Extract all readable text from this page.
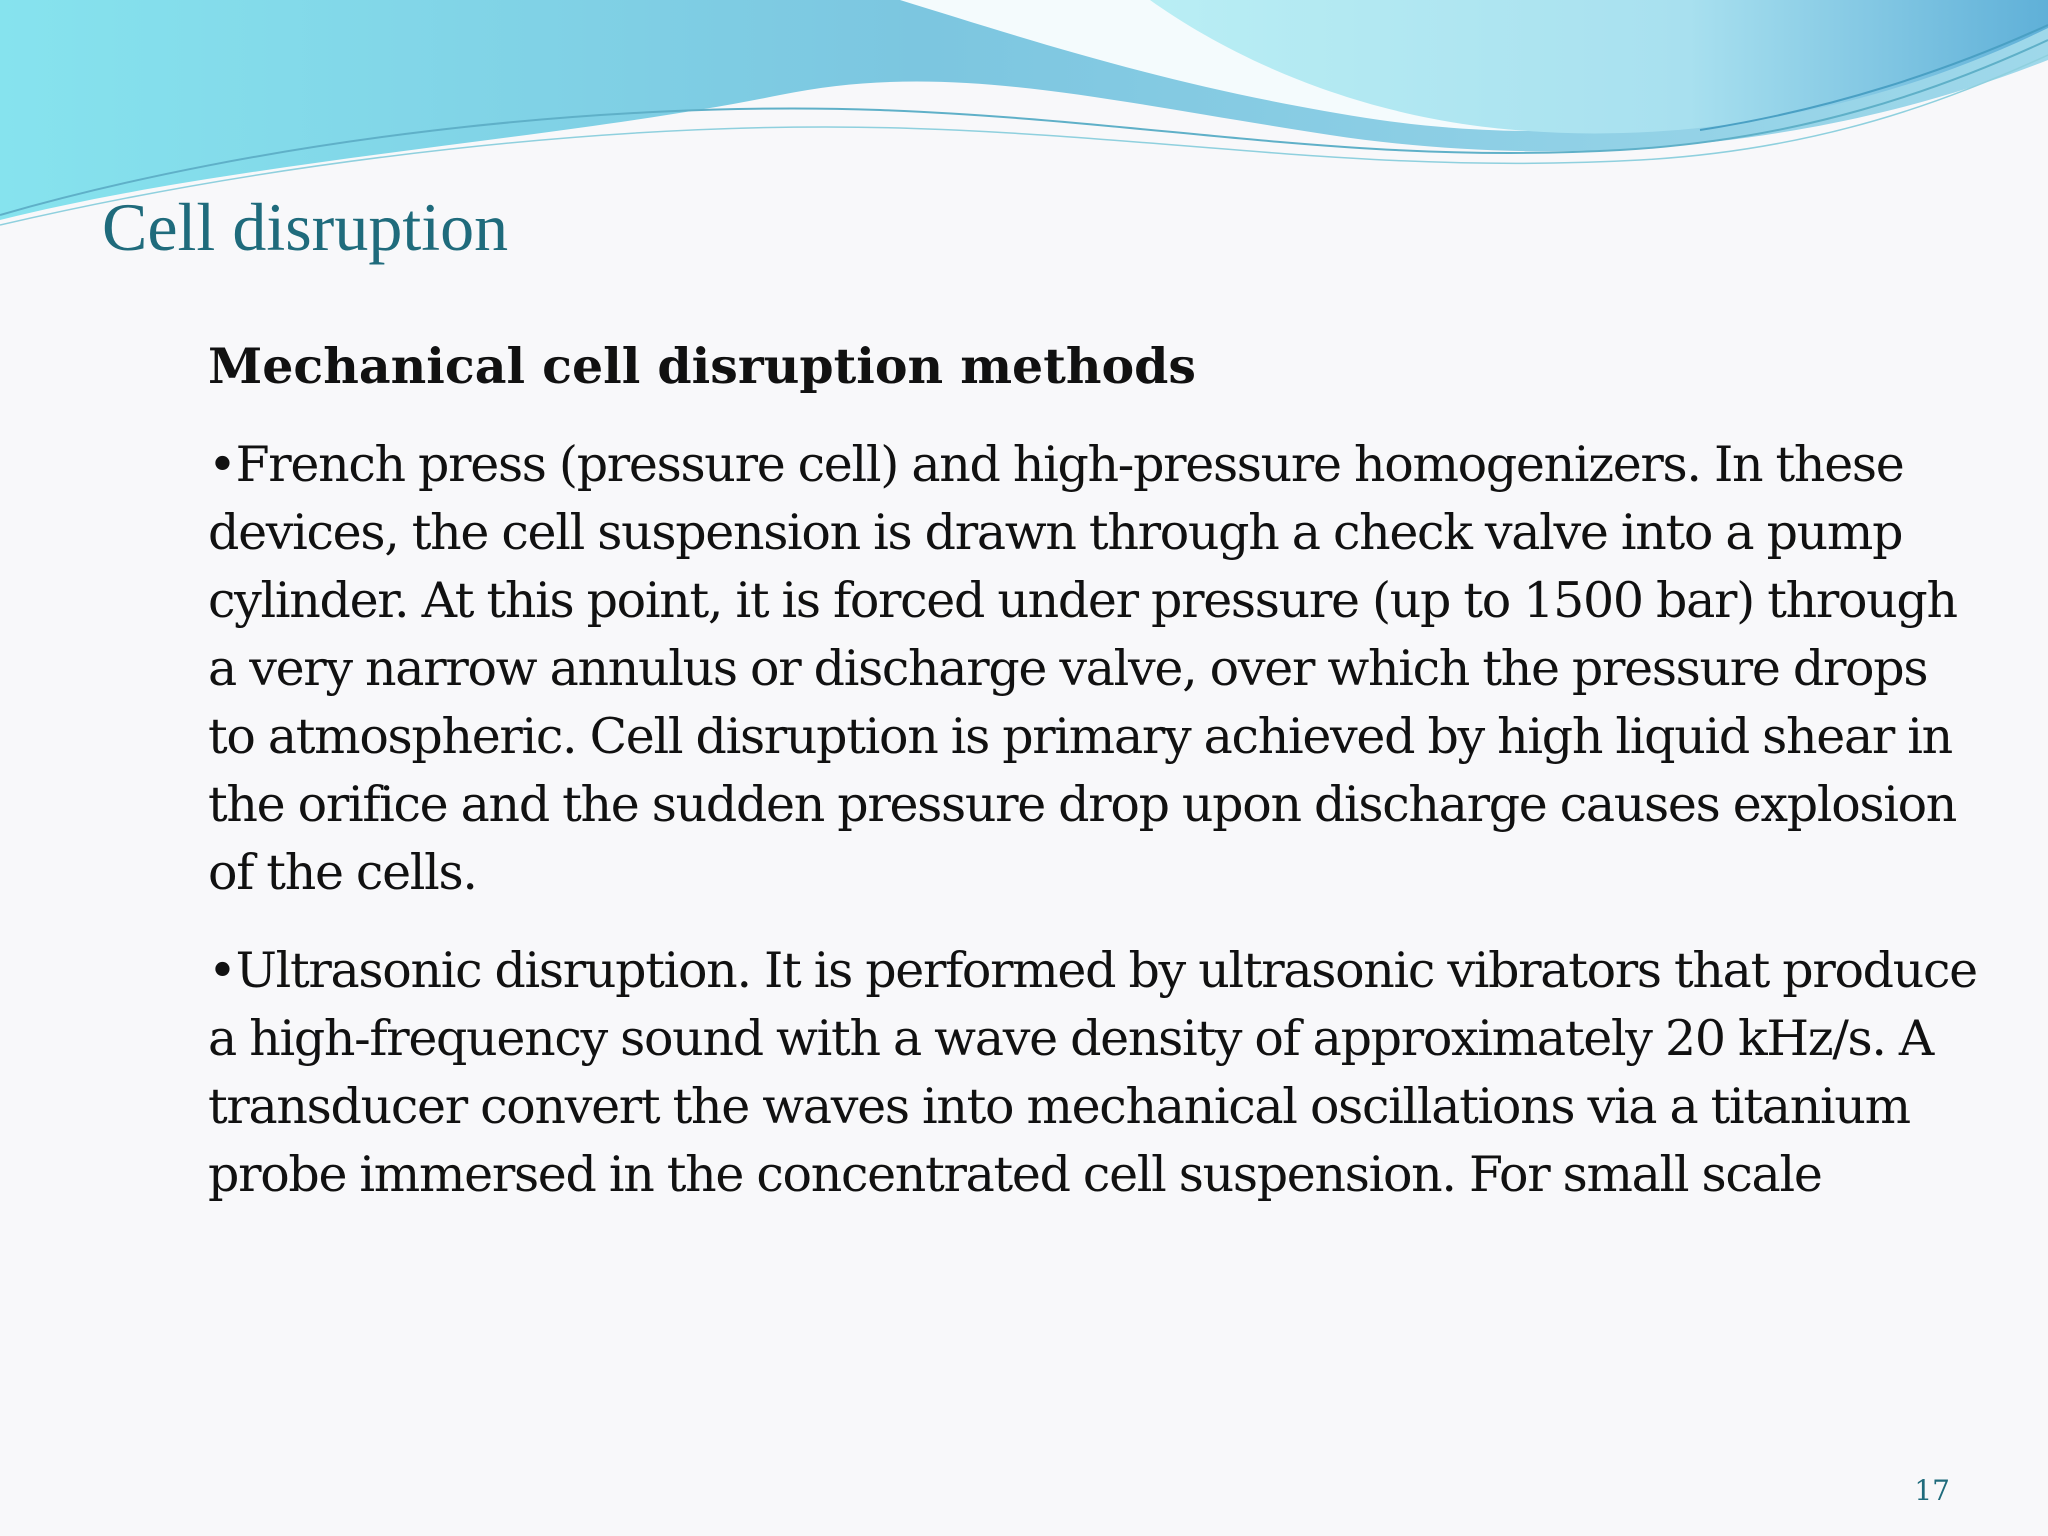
Cell disruption

Mechanical cell disruption methods

•French press (pressure cell) and high-pressure homogenizers. In these devices, the cell suspension is drawn through a check valve into a pump cylinder. At this point, it is forced under pressure (up to 1500 bar) through a very narrow annulus or discharge valve, over which the pressure drops to atmospheric. Cell disruption is primary achieved by high liquid shear in the orifice and the sudden pressure drop upon discharge causes explosion of the cells.

•Ultrasonic disruption. It is performed by ultrasonic vibrators that produce a high-frequency sound with a wave density of approximately 20 kHz/s. A transducer convert the waves into mechanical oscillations via a titanium probe immersed in the concentrated cell suspension. For small scale

17
